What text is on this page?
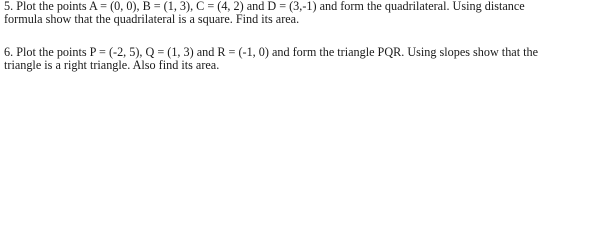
5. Plot the points A = (0, 0), B = (1, 3), C = (4, 2) and D = (3,-1) and form the quadrilateral. Using distance
formula show that the quadrilateral is a square. Find its area.
6. Plot the points P = (-2, 5), Q = (1, 3) and R = (-1, 0) and form the triangle PQR. Using slopes show that the
triangle is a right triangle. Also find its area.
